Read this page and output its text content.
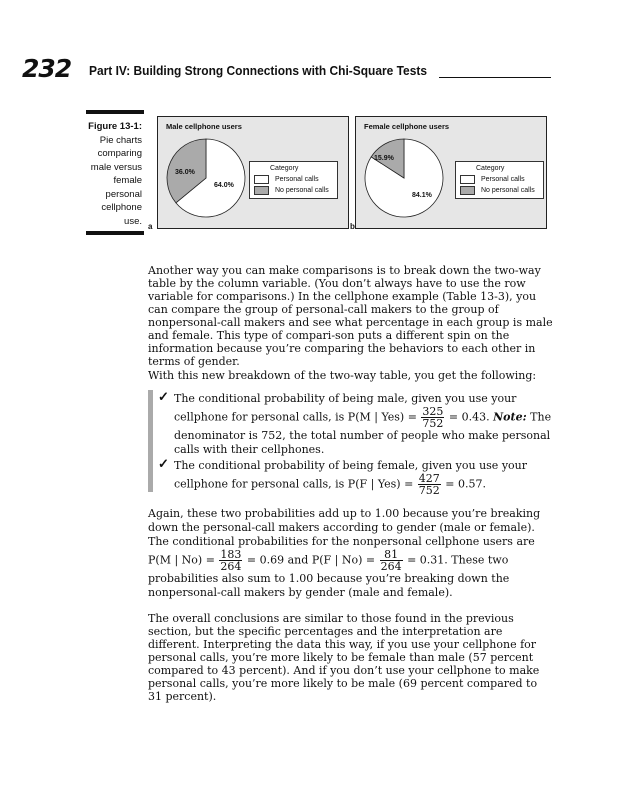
232 Part IV: Building Strong Connections with Chi-Square Tests
Figure 13-1:
Pie charts
comparing
male versus
female
personal
cellphone
use.
Male cellphone users
36.0%
64.0%
Category
Personal calls
No personal calls
a
Female cellphone users
15.9%
84.1%
Category
Personal calls
No personal calls
b

Another way you can make comparisons is to break down the two-way table by the column variable. (You don’t always have to use the row variable for comparisons.) In the cellphone example (Table 13-3), you can compare the group of personal-call makers to the group of nonpersonal-call makers and see what percentage in each group is male and female. This type of compari-son puts a different spin on the information because you’re comparing the behaviors to each other in terms of gender.

With this new breakdown of the two-way table, you get the following:

✓ The conditional probability of being male, given you use your cellphone for personal calls, is P(M | $Yes) = \frac{325}{752} = 0.43$. Note: The denominator is 752, the total number of people who make personal calls with their cellphones.
✓ The conditional probability of being female, given you use your cellphone for personal calls, is P(F | $Yes) = \frac{427}{752} = 0.57$.
Again, these two probabilities add up to 1.00 because you’re breaking down the personal-call makers according to gender (male or female). The conditional probabilities for the nonpersonal cellphone users are P(M | $No) = \frac{183}{264} = 0.69$ and P(F | $No) = \frac{81}{264} = 0.31$. These two probabilities also sum to 1.00 because you’re breaking down the nonpersonal-call makers by gender (male and female).

The overall conclusions are similar to those found in the previous section, but the specific percentages and the interpretation are different. Interpreting the data this way, if you use your cellphone for personal calls, you’re more likely to be female than male (57 percent compared to 43 percent). And if you don’t use your cellphone to make personal calls, you’re more likely to be male (69 percent compared to 31 percent).
